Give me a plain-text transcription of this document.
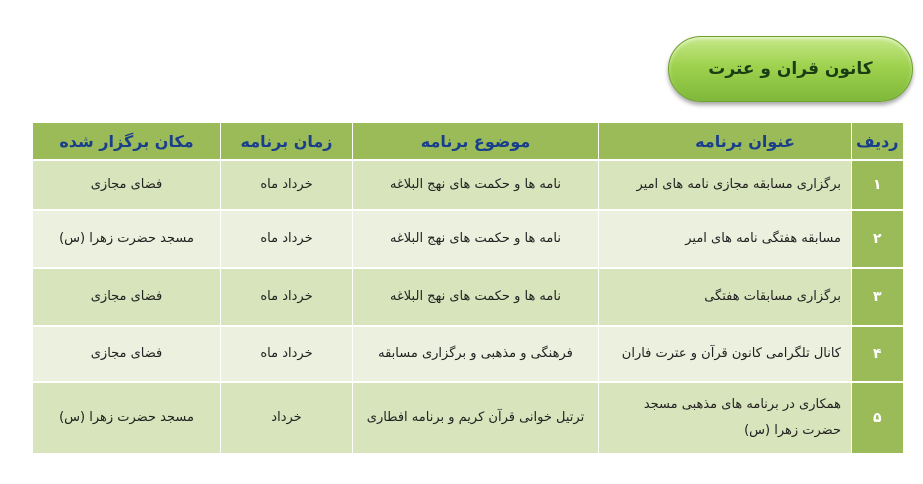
کانون قران و عترت
ردیف	عنوان برنامه	موضوع برنامه	زمان برنامه	مکان برگزار شده
۱	برگزاری مسابقه مجازی نامه های امیر	نامه ها و حکمت های نهج البلاغه	خرداد ماه	فضای مجازی
۲	مسابقه هفتگی نامه های امیر	نامه ها و حکمت های نهج البلاغه	خرداد ماه	مسجد حضرت زهرا (س)
۳	برگزاری مسابقات هفتگی	نامه ها و حکمت های نهج البلاغه	خرداد ماه	فضای مجازی
۴	کانال تلگرامی کانون قرآن و عترت فاران	فرهنگی و مذهبی و برگزاری مسابقه	خرداد ماه	فضای مجازی
۵	همکاری در برنامه های مذهبی مسجد حضرت زهرا (س)	ترتیل خوانی قرآن کریم و برنامه افطاری	خرداد	مسجد حضرت زهرا (س)
